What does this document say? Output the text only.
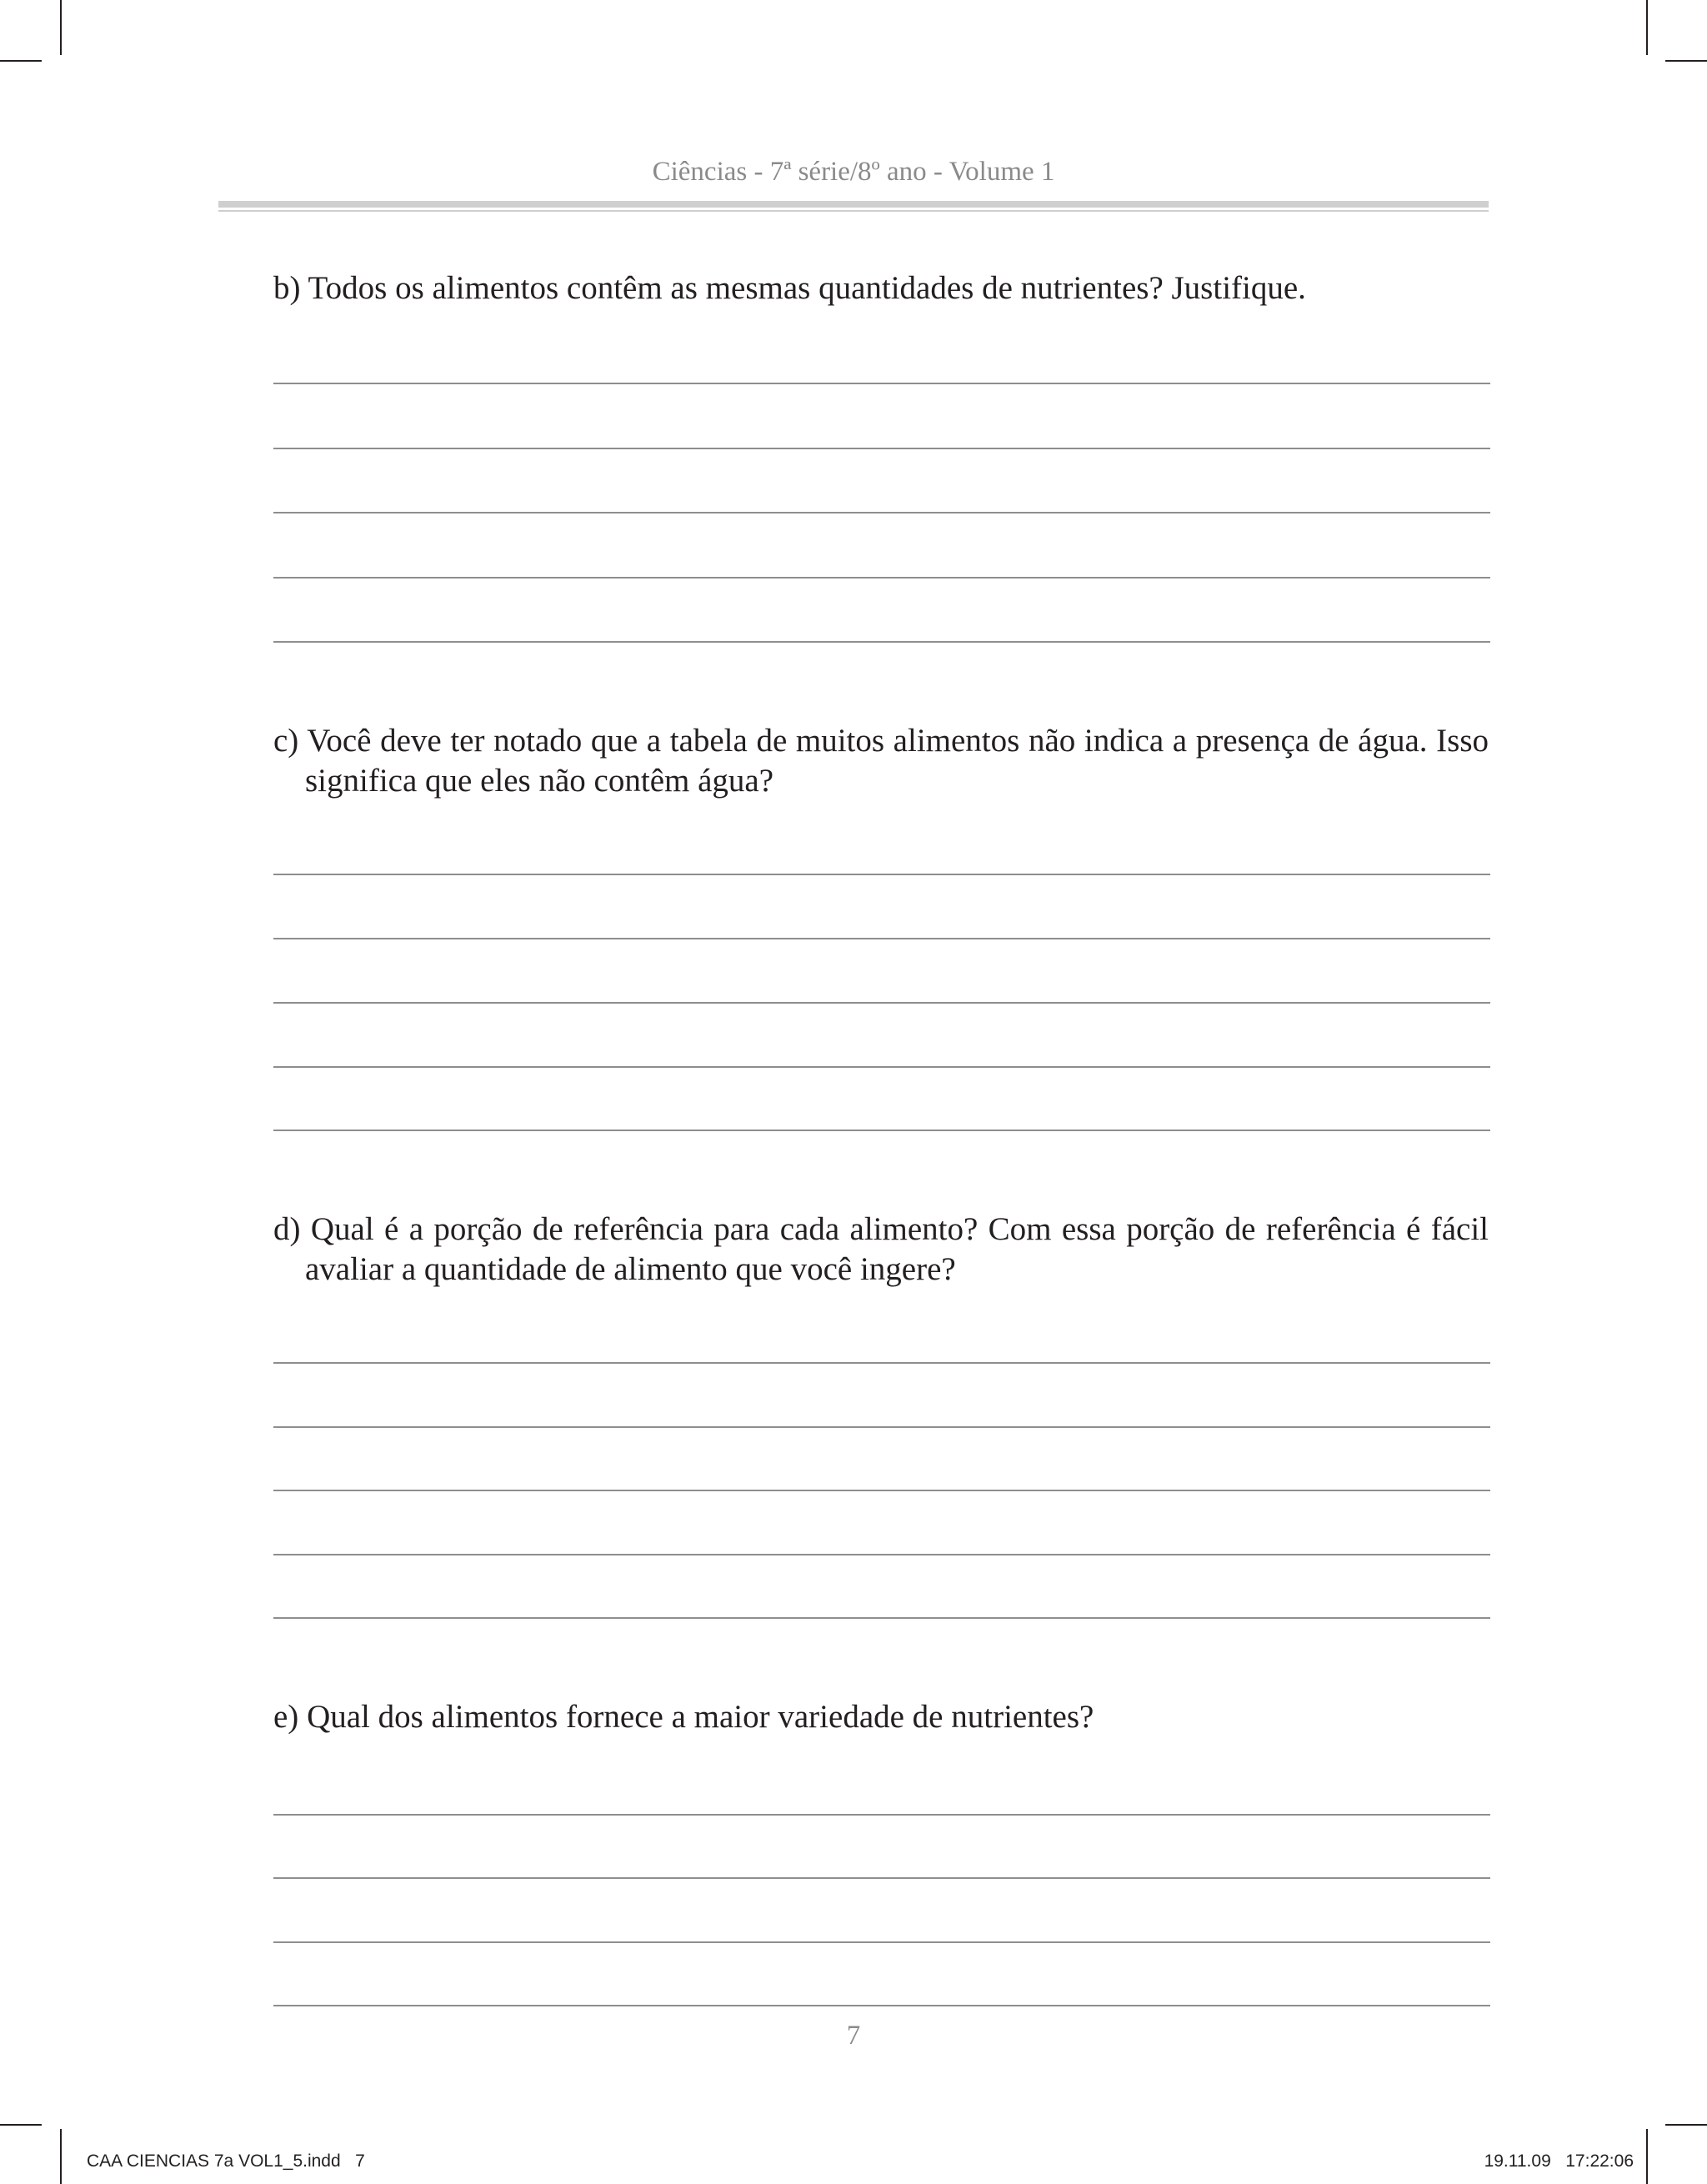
Ciências - 7ª série/8º ano - Volume 1
b) Todos os alimentos contêm as mesmas quantidades de nutrientes? Justifique.
c) Você deve ter notado que a tabela de muitos alimentos não indica a presença de água. Isso significa que eles não contêm água?
d) Qual é a porção de referência para cada alimento? Com essa porção de referência é fácil avaliar a quantidade de alimento que você ingere?
e) Qual dos alimentos fornece a maior variedade de nutrientes?
7
CAA CIENCIAS 7a VOL1_5.indd   7	19.11.09   17:22:06
